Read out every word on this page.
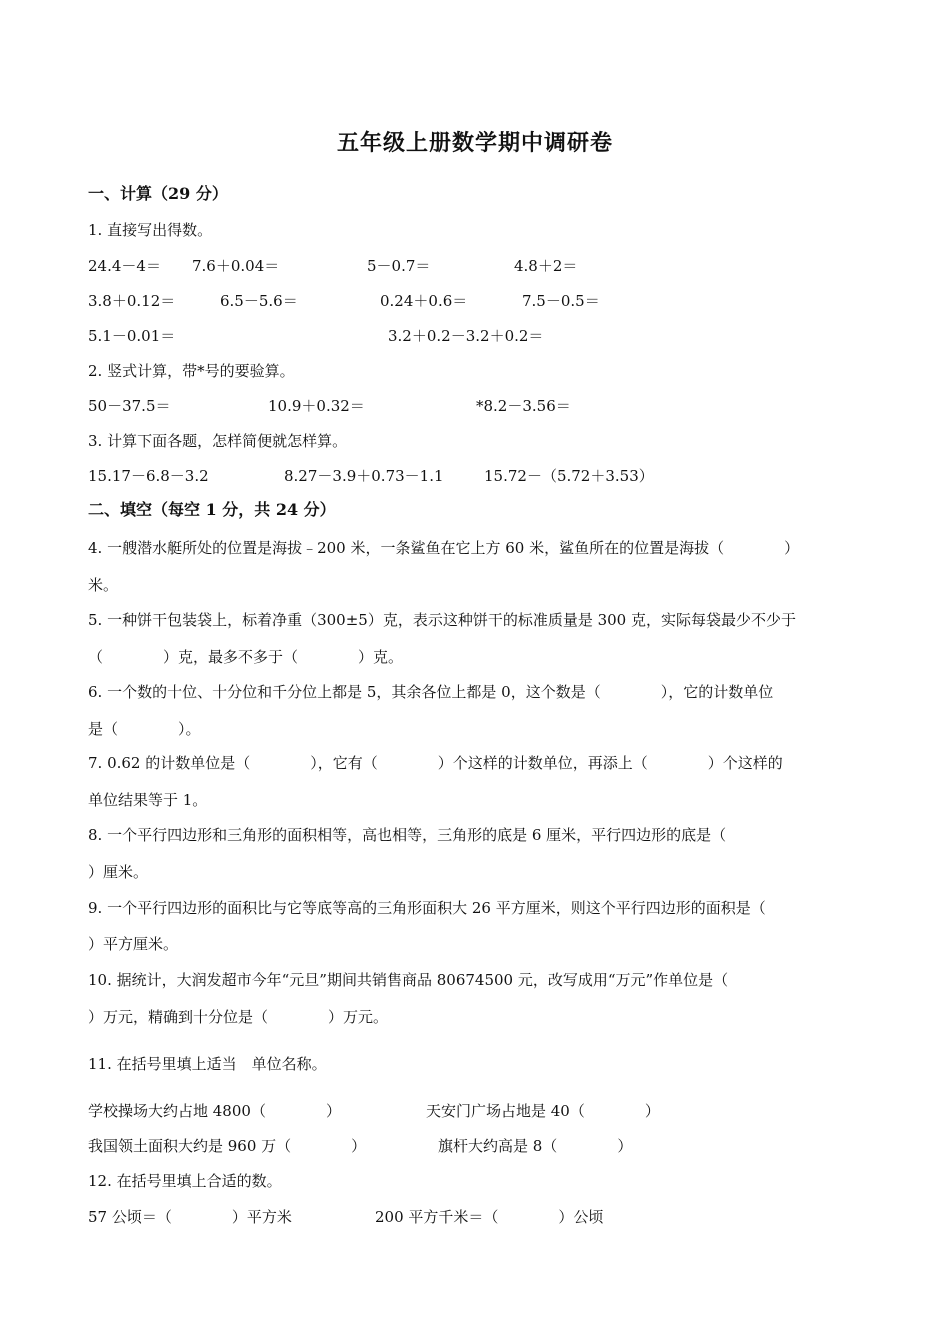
五年级上册数学期中调研卷
一、计算（29 分）
1. 直接写出得数。
24.4－4＝ 7.6＋0.04＝	5－0.7＝	4.8＋2＝
3.8＋0.12＝	6.5－5.6＝	0.24＋0.6＝	7.5－0.5＝
5.1－0.01＝	3.2＋0.2－3.2＋0.2＝
2. 竖式计算，带*号的要验算。
50－37.5＝	10.9＋0.32＝	*8.2－3.56＝
3. 计算下面各题，怎样简便就怎样算。
15.17－6.8－3.2	8.27－3.9＋0.73－1.1	15.72－（5.72＋3.53）
二、填空（每空 1 分，共 24 分）
4. 一艘潜水艇所处的位置是海拔﹣200 米，一条鲨鱼在它上方 60 米，鲨鱼所在的位置是海拔（　　　　）
米。
5. 一种饼干包装袋上，标着净重（300±5）克，表示这种饼干的标准质量是 300 克，实际每袋最少不少于
（　　　　）克，最多不多于（　　　　）克。
6. 一个数的十位、十分位和千分位上都是 5，其余各位上都是 0，这个数是（　　　　），它的计数单位
是（　　　　）。
7. 0.62 的计数单位是（　　　　），它有（　　　　）个这样的计数单位，再添上（　　　　）个这样的
单位结果等于 1。
8. 一个平行四边形和三角形的面积相等，高也相等，三角形的底是 6 厘米，平行四边形的底是（
）厘米。
9. 一个平行四边形的面积比与它等底等高的三角形面积大 26 平方厘米，则这个平行四边形的面积是（
）平方厘米。
10. 据统计，大润发超市今年“元旦”期间共销售商品 80674500 元，改写成用“万元”作单位是（
）万元，精确到十分位是（　　　　）万元。
11. 在括号里填上适当　单位名称。
学校操场大约占地 4800（　　　　）	天安门广场占地是 40（　　　　）
我国领土面积大约是 960 万（　　　　）	旗杆大约高是 8（　　　　）
12. 在括号里填上合适的数。
57 公顷＝（　　　　）平方米	200 平方千米＝（　　　　）公顷
